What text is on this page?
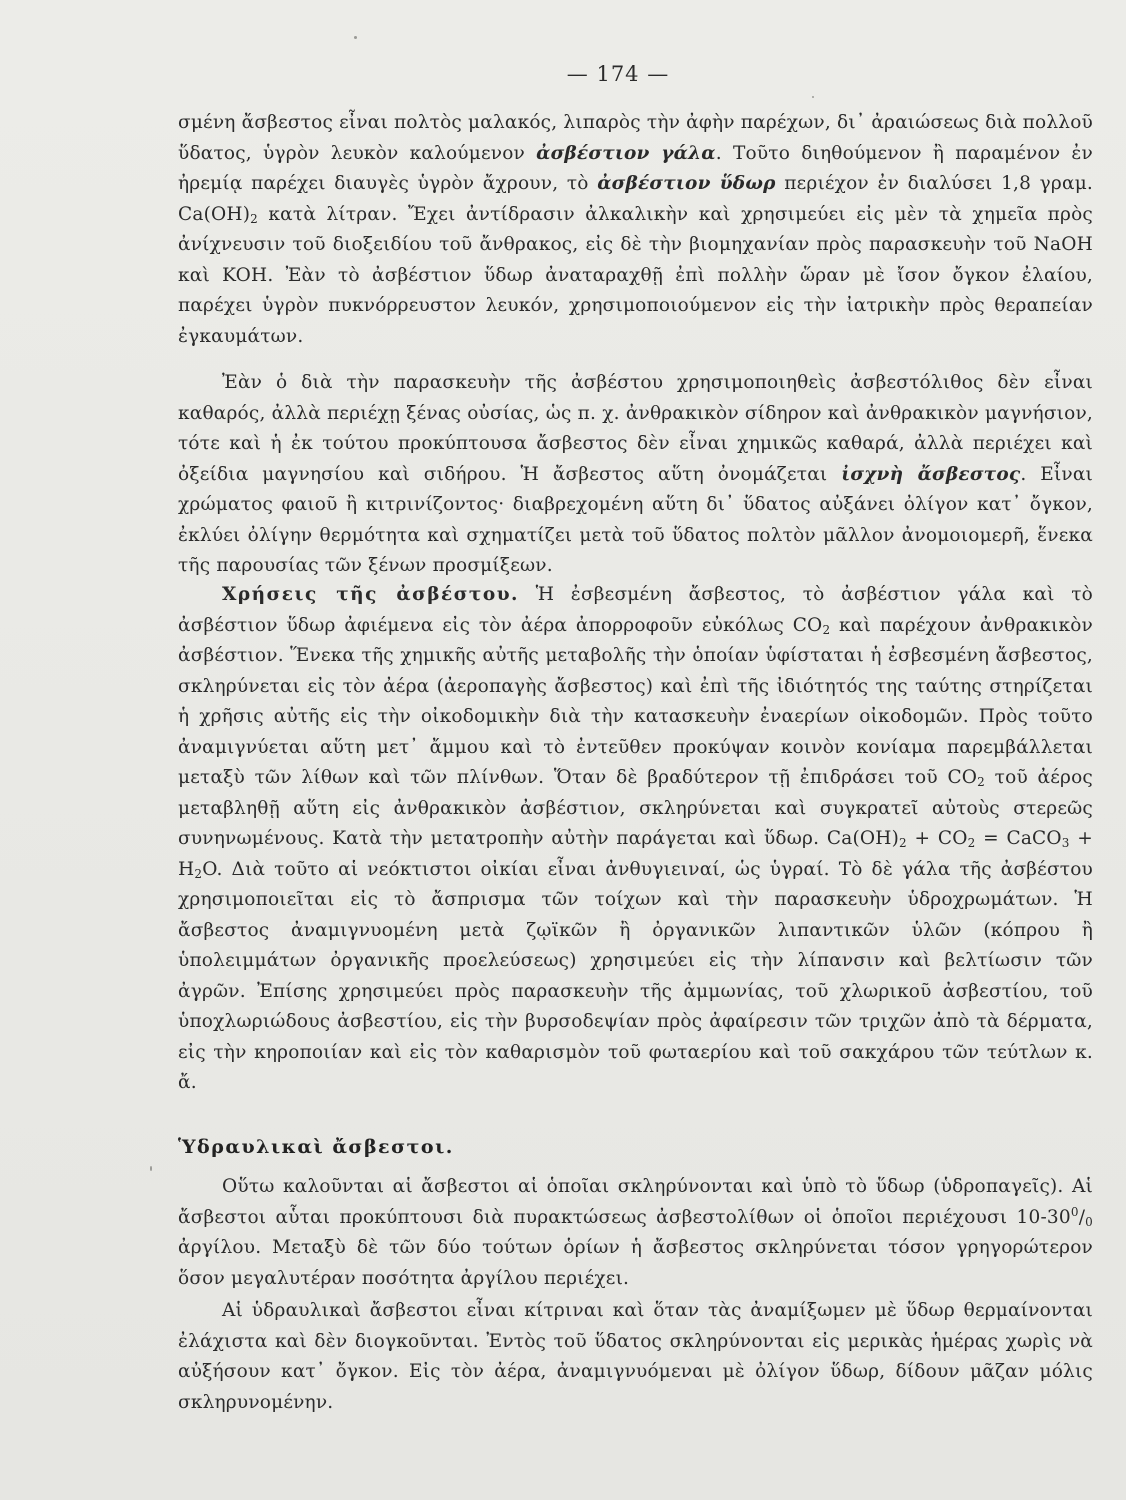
— 174 —

σμένη ἄσβεστος εἶναι πολτὸς μαλακός, λιπαρὸς τὴν ἀφὴν παρέχων, δι᾽ ἀραιώσεως διὰ πολλοῦ ὕδατος, ὑγρὸν λευκὸν καλούμενον ἀσβέστιον γάλα. Τοῦτο διηθούμενον ἢ παραμένον ἐν ἠρεμίᾳ παρέχει διαυγὲς ὑγρὸν ἄχρουν, τὸ ἀσβέστιον ὕδωρ περιέχον ἐν διαλύσει 1,8 γραμ. $Ca(OH)_2$ κατὰ λίτραν. Ἔχει ἀντίδρασιν ἀλκαλικὴν καὶ χρησιμεύει εἰς μὲν τὰ χημεῖα πρὸς ἀνίχνευσιν τοῦ διοξειδίου τοῦ ἄνθρακος, εἰς δὲ τὴν βιομηχανίαν πρὸς παρασκευὴν τοῦ NaOH καὶ KOH. Ἐὰν τὸ ἀσβέστιον ὕδωρ ἀναταραχθῇ ἐπὶ πολλὴν ὥραν μὲ ἴσον ὄγκον ἐλαίου, παρέχει ὑγρὸν πυκνόρρευστον λευκόν, χρησιμοποιούμενον εἰς τὴν ἰατρικὴν πρὸς θεραπείαν ἐγκαυμάτων.

Ἐὰν ὁ διὰ τὴν παρασκευὴν τῆς ἀσβέστου χρησιμοποιηθεὶς ἀσβεστόλιθος δὲν εἶναι καθαρός, ἀλλὰ περιέχῃ ξένας οὐσίας, ὡς π. χ. ἀνθρακικὸν σίδηρον καὶ ἀνθρακικὸν μαγνήσιον, τότε καὶ ἡ ἐκ τούτου προκύπτουσα ἄσβεστος δὲν εἶναι χημικῶς καθαρά, ἀλλὰ περιέχει καὶ ὀξείδια μαγνησίου καὶ σιδήρου. Ἡ ἄσβεστος αὕτη ὀνομάζεται ἰσχνὴ ἄσβεστος. Εἶναι χρώματος φαιοῦ ἢ κιτρινίζοντος· διαβρεχομένη αὕτη δι᾽ ὕδατος αὐξάνει ὀλίγον κατ᾽ ὄγκον, ἐκλύει ὀλίγην θερμότητα καὶ σχηματίζει μετὰ τοῦ ὕδατος πολτὸν μᾶλλον ἀνομοιομερῆ, ἕνεκα τῆς παρουσίας τῶν ξένων προσμίξεων.

Χρήσεις τῆς ἀσβέστου. Ἡ ἐσβεσμένη ἄσβεστος, τὸ ἀσβέστιον γάλα καὶ τὸ ἀσβέστιον ὕδωρ ἀφιέμενα εἰς τὸν ἀέρα ἀπορροφοῦν εὐκόλως $CO_2$ καὶ παρέχουν ἀνθρακικὸν ἀσβέστιον. Ἕνεκα τῆς χημικῆς αὐτῆς μεταβολῆς τὴν ὁποίαν ὑφίσταται ἡ ἐσβεσμένη ἄσβεστος, σκληρύνεται εἰς τὸν ἀέρα (ἀεροπαγὴς ἄσβεστος) καὶ ἐπὶ τῆς ἰδιότητός της ταύτης στηρίζεται ἡ χρῆσις αὐτῆς εἰς τὴν οἰκοδομικὴν διὰ τὴν κατασκευὴν ἐναερίων οἰκοδομῶν. Πρὸς τοῦτο ἀναμιγνύεται αὕτη μετ᾽ ἄμμου καὶ τὸ ἐντεῦθεν προκύψαν κοινὸν κονίαμα παρεμβάλλεται μεταξὺ τῶν λίθων καὶ τῶν πλίνθων. Ὅταν δὲ βραδύτερον τῇ ἐπιδράσει τοῦ $CO_2$ τοῦ ἀέρος μεταβληθῇ αὕτη εἰς ἀνθρακικὸν ἀσβέστιον, σκληρύνεται καὶ συγκρατεῖ αὐτοὺς στερεῶς συνηνωμένους. Κατὰ τὴν μετατροπὴν αὐτὴν παράγεται καὶ ὕδωρ. $Ca(OH)_2 + CO_2$ = CaCO$_3$ + $H_2O$. Διὰ τοῦτο αἱ νεόκτιστοι οἰκίαι εἶναι ἀνθυγιειναί, ὡς ὑγραί. Τὸ δὲ γάλα τῆς ἀσβέστου χρησιμοποιεῖται εἰς τὸ ἄσπρισμα τῶν τοίχων καὶ τὴν παρασκευὴν ὑδροχρωμάτων. Ἡ ἄσβεστος ἀναμιγνυομένη μετὰ ζῳϊκῶν ἢ ὀργανικῶν λιπαντικῶν ὑλῶν (κόπρου ἢ ὑπολειμμάτων ὀργανικῆς προελεύσεως) χρησιμεύει εἰς τὴν λίπανσιν καὶ βελτίωσιν τῶν ἀγρῶν. Ἐπίσης χρησιμεύει πρὸς παρασκευὴν τῆς ἀμμωνίας, τοῦ χλωρικοῦ ἀσβεστίου, τοῦ ὑποχλωριώδους ἀσβεστίου, εἰς τὴν βυρσοδεψίαν πρὸς ἀφαίρεσιν τῶν τριχῶν ἀπὸ τὰ δέρματα, εἰς τὴν κηροποιίαν καὶ εἰς τὸν καθαρισμὸν τοῦ φωταερίου καὶ τοῦ σακχάρου τῶν τεύτλων κ. ἄ.

Ὑδραυλικαὶ ἄσβεστοι.

Οὕτω καλοῦνται αἱ ἄσβεστοι αἱ ὁποῖαι σκληρύνονται καὶ ὑπὸ τὸ ὕδωρ (ὑδροπαγεῖς). Αἱ ἄσβεστοι αὗται προκύπτουσι διὰ πυρακτώσεως ἀσβεστολίθων οἱ ὁποῖοι περιέχουσι $10-30^0/_0$ ἀργίλου. Μεταξὺ δὲ τῶν δύο τούτων ὁρίων ἡ ἄσβεστος σκληρύνεται τόσον γρηγορώτερον ὅσον μεγαλυτέραν ποσότητα ἀργίλου περιέχει.

Αἱ ὑδραυλικαὶ ἄσβεστοι εἶναι κίτριναι καὶ ὅταν τὰς ἀναμίξωμεν μὲ ὕδωρ θερμαίνονται ἐλάχιστα καὶ δὲν διογκοῦνται. Ἐντὸς τοῦ ὕδατος σκληρύνονται εἰς μερικὰς ἡμέρας χωρὶς νὰ αὐξήσουν κατ᾽ ὄγκον. Εἰς τὸν ἀέρα, ἀναμιγνυόμεναι μὲ ὀλίγον ὕδωρ, δίδουν μᾶζαν μόλις σκληρυνομένην.
